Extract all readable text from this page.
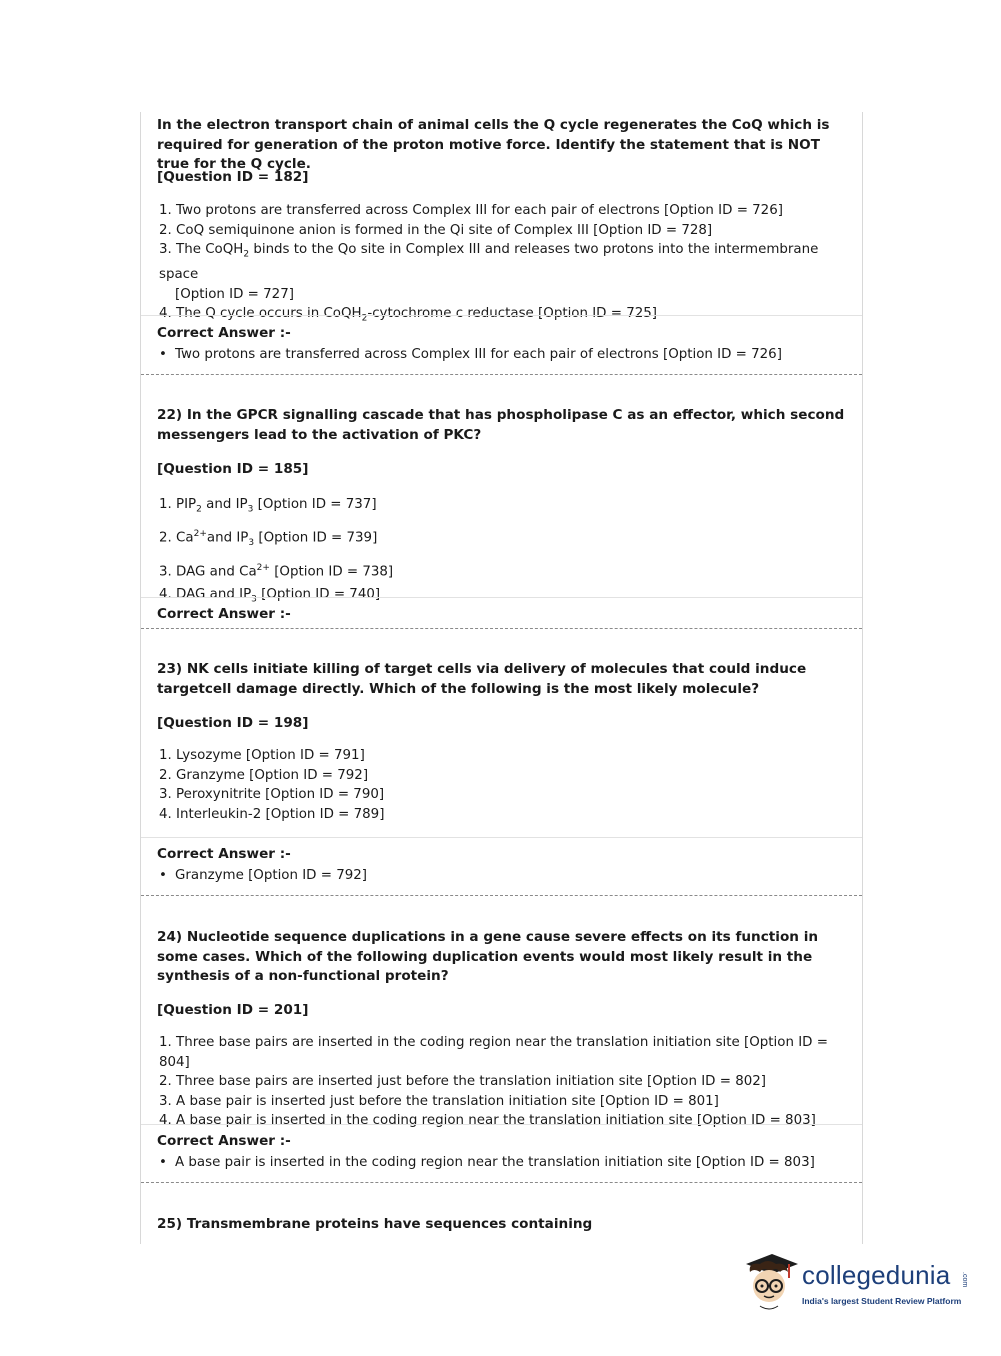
In the electron transport chain of animal cells the Q cycle regenerates the CoQ which is required for generation of the proton motive force. Identify the statement that is NOT true for the Q cycle.
[Question ID = 182]
1. Two protons are transferred across Complex III for each pair of electrons [Option ID = 726]
2. CoQ semiquinone anion is formed in the Qi site of Complex III [Option ID = 728]
3. The CoQH$_2$ binds to the Qo site in Complex III and releases two protons into the intermembrane space
[Option ID = 727]
4. The Q cycle occurs in CoQH$_2$-cytochrome c reductase [Option ID = 725]
Correct Answer :-
• Two protons are transferred across Complex III for each pair of electrons [Option ID = 726]
22) In the GPCR signalling cascade that has phospholipase C as an effector, which second messengers lead to the activation of PKC?
[Question ID = 185]
1. $PIP_2$ and $IP_3$ [Option ID = 737]
2. $Ca^{2+}and$ $IP_3$ [Option ID = 739]
3. DAG and $Ca^{2+}$ [Option ID = 738]
4. DAG and $IP_3$ [Option ID = 740]
Correct Answer :-
23) NK cells initiate killing of target cells via delivery of molecules that could induce targetcell damage directly. Which of the following is the most likely molecule?
[Question ID = 198]
1. Lysozyme [Option ID = 791]
2. Granzyme [Option ID = 792]
3. Peroxynitrite [Option ID = 790]
4. Interleukin-2 [Option ID = 789]
Correct Answer :-
• Granzyme [Option ID = 792]
24) Nucleotide sequence duplications in a gene cause severe effects on its function in some cases. Which of the following duplication events would most likely result in the synthesis of a non-functional protein?
[Question ID = 201]
1. Three base pairs are inserted in the coding region near the translation initiation site [Option ID = 804]
2. Three base pairs are inserted just before the translation initiation site [Option ID = 802]
3. A base pair is inserted just before the translation initiation site [Option ID = 801]
4. A base pair is inserted in the coding region near the translation initiation site [Option ID = 803]
Correct Answer :-
• A base pair is inserted in the coding region near the translation initiation site [Option ID = 803]
25) Transmembrane proteins have sequences containing
collegedunia .com
India's largest Student Review Platform
